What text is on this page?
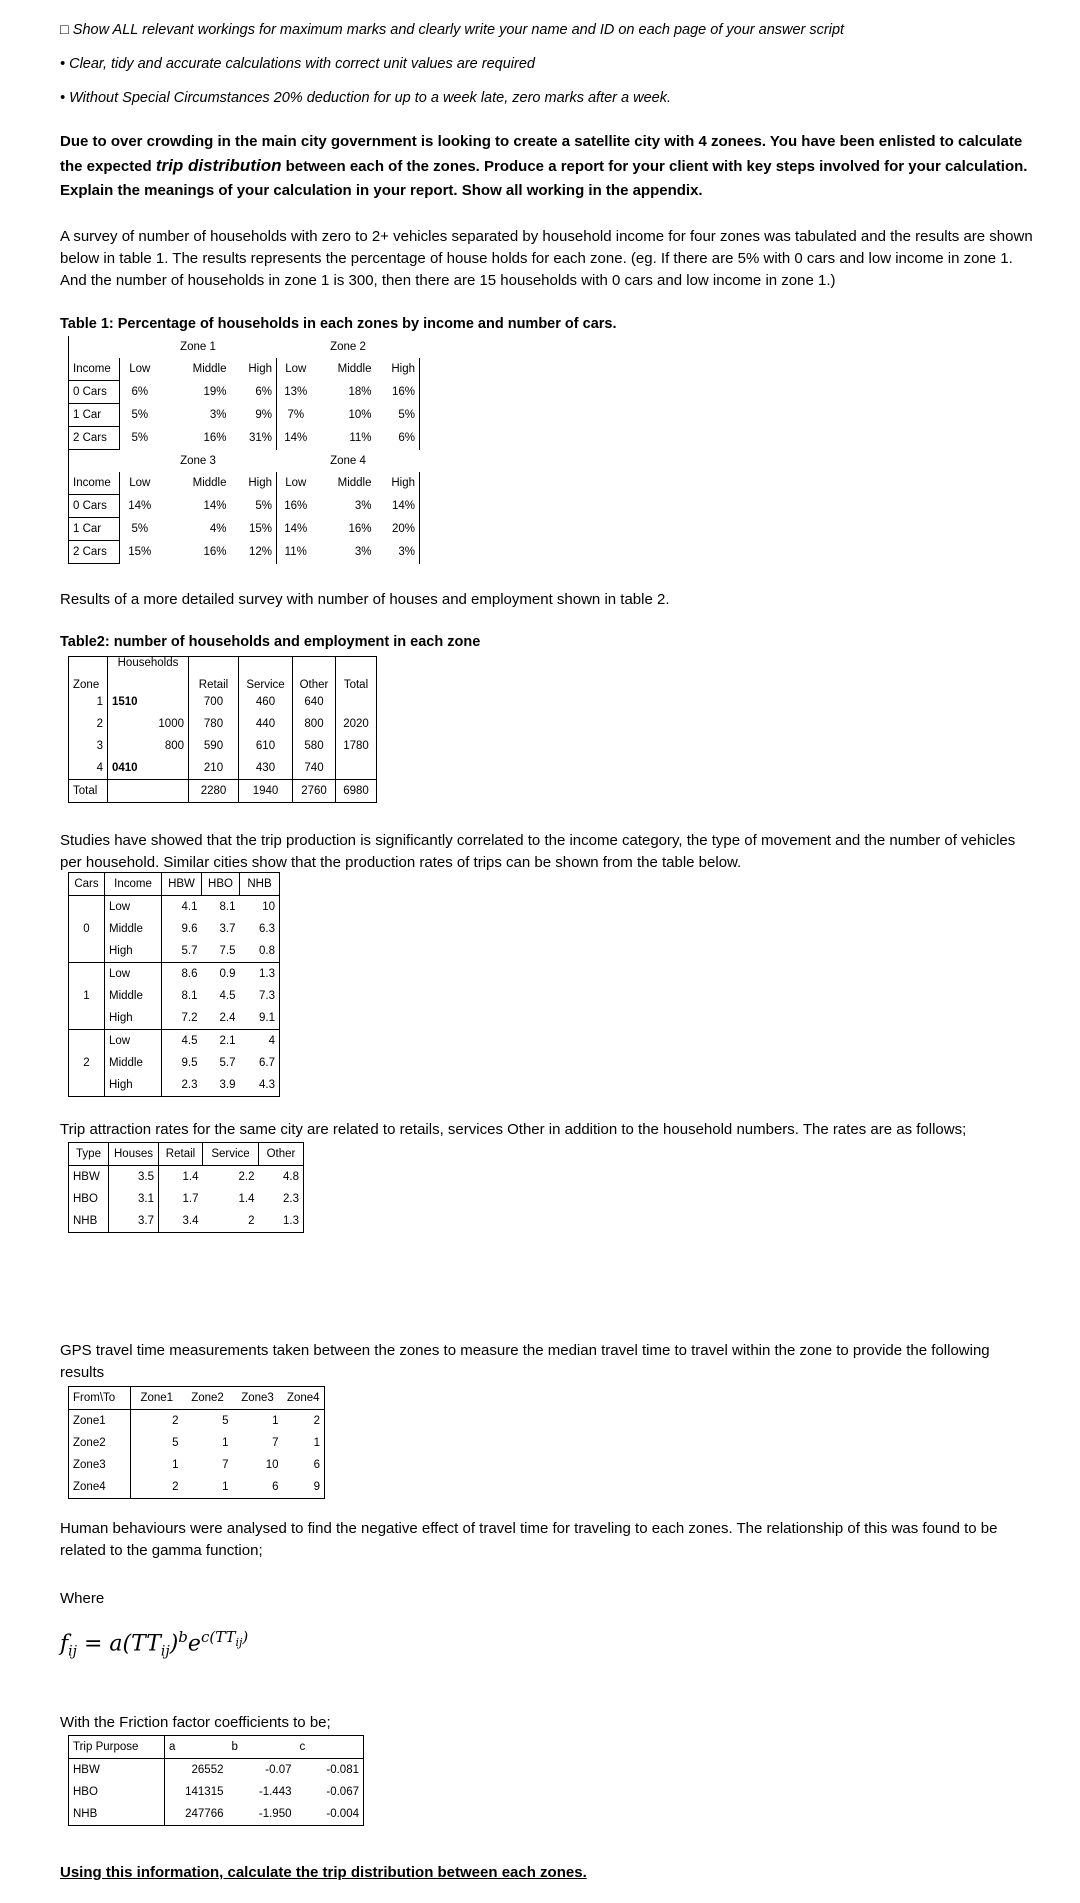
□ Show ALL relevant workings for maximum marks and clearly write your name and ID on each page of your answer script
• Clear, tidy and accurate calculations with correct unit values are required
• Without Special Circumstances 20% deduction for up to a week late, zero marks after a week.
Due to over crowding in the main city government is looking to create a satellite city with 4 zonees. You have been enlisted to calculate the expected trip distribution between each of the zones. Produce a report for your client with key steps involved for your calculation. Explain the meanings of your calculation in your report. Show all working in the appendix.
A survey of number of households with zero to 2+ vehicles separated by household income for four zones was tabulated and the results are shown below in table 1. The results represents the percentage of house holds for each zone. (eg. If there are 5% with 0 cars and low income in zone 1. And the number of households in zone 1 is 300, then there are 15 households with 0 cars and low income in zone 1.)
Table 1: Percentage of households in each zones by income and number of cars.
	Zone 1			Zone 2		
Income	Low	Middle	High	Low	Middle	High
0 Cars	6%	19%	6%	13%	18%	16%
1 Car	5%	3%	9%	7%	10%	5%
2 Cars	5%	16%	31%	14%	11%	6%
	Zone 3			Zone 4		
Income	Low	Middle	High	Low	Middle	High
0 Cars	14%	14%	5%	16%	3%	14%
1 Car	5%	4%	15%	14%	16%	20%
2 Cars	15%	16%	12%	11%	3%	3%
Results of a more detailed survey with number of houses and employment shown in table 2.
Table2: number of households and employment in each zone
Zone	Households	Retail	Service	Other	Total
1	1510	700	460	640	
2	1000	780	440	800	2020
3	800	590	610	580	1780
4	0410	210	430	740	
Total		2280	1940	2760	6980
Studies have showed that the trip production is significantly correlated to the income category, the type of movement and the number of vehicles per household. Similar cities show that the production rates of trips can be shown from the table below.
Cars	Income	HBW	HBO	NHB
	Low	4.1	8.1	10
0	Middle	9.6	3.7	6.3
	High	5.7	7.5	0.8
	Low	8.6	0.9	1.3
1	Middle	8.1	4.5	7.3
	High	7.2	2.4	9.1
	Low	4.5	2.1	4
2	Middle	9.5	5.7	6.7
	High	2.3	3.9	4.3
Trip attraction rates for the same city are related to retails, services Other in addition to the household numbers. The rates are as follows;
Type	Houses	Retail	Service	Other
HBW	3.5	1.4	2.2	4.8
HBO	3.1	1.7	1.4	2.3
NHB	3.7	3.4	2	1.3
GPS travel time measurements taken between the zones to measure the median travel time to travel within the zone to provide the following results
From\To	Zone1	Zone2	Zone3	Zone4
Zone1	2	5	1	2
Zone2	5	1	7	1
Zone3	1	7	10	6
Zone4	2	1	6	9
Human behaviours were analysed to find the negative effect of travel time for traveling to each zones. The relationship of this was found to be related to the gamma function;
Where
$f_{ij} = a(TT_{ij})^be^{c(TT_{ij})}$
With the Friction factor coefficients to be;
Trip Purpose	a	b	c
HBW	26552	-0.07	-0.081
HBO	141315	-1.443	-0.067
NHB	247766	-1.950	-0.004
Using this information, calculate the trip distribution between each zones.
